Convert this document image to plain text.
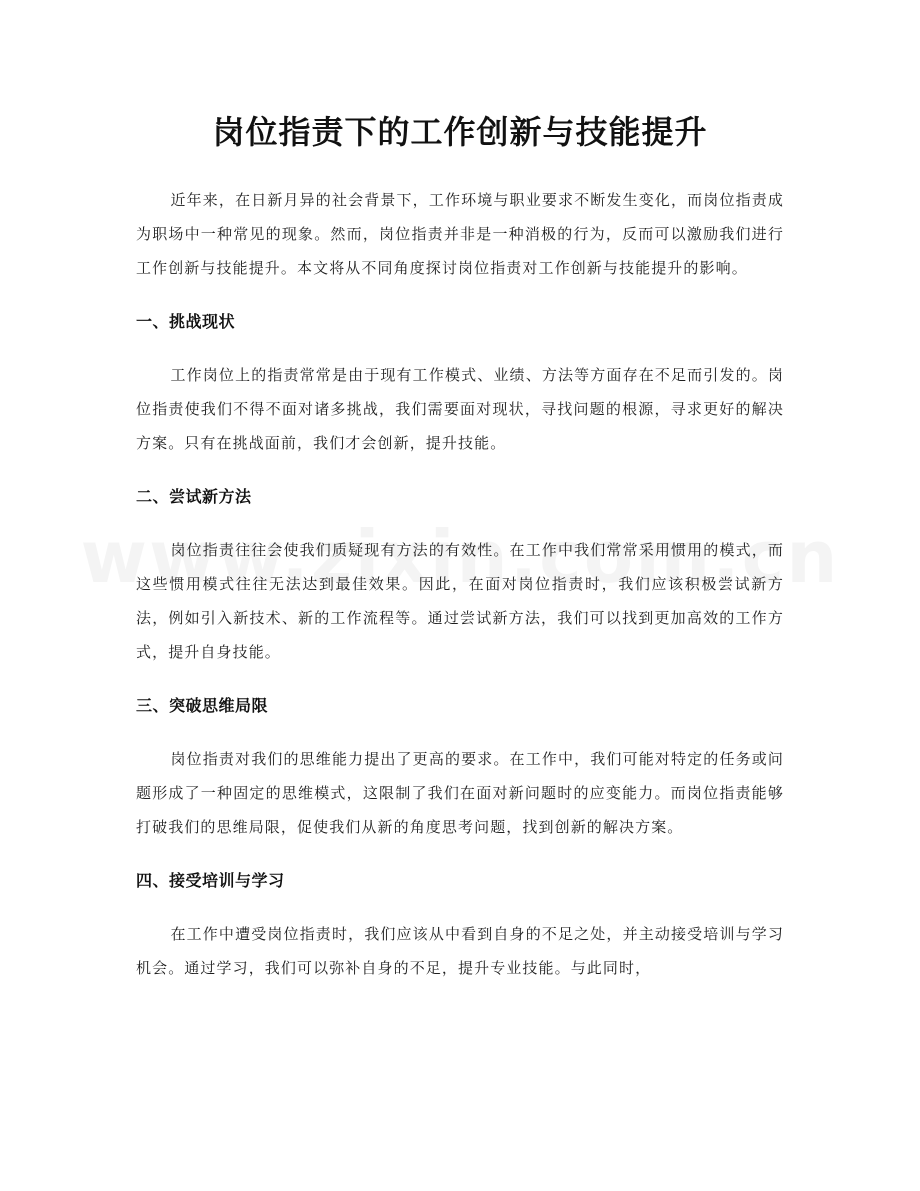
岗位指责下的工作创新与技能提升

近年来，在日新月异的社会背景下，工作环境与职业要求不断发生变化，而岗位指责成为职场中一种常见的现象。然而，岗位指责并非是一种消极的行为，反而可以激励我们进行工作创新与技能提升。本文将从不同角度探讨岗位指责对工作创新与技能提升的影响。

一、挑战现状

工作岗位上的指责常常是由于现有工作模式、业绩、方法等方面存在不足而引发的。岗位指责使我们不得不面对诸多挑战，我们需要面对现状，寻找问题的根源，寻求更好的解决方案。只有在挑战面前，我们才会创新，提升技能。

二、尝试新方法

岗位指责往往会使我们质疑现有方法的有效性。在工作中我们常常采用惯用的模式，而这些惯用模式往往无法达到最佳效果。因此，在面对岗位指责时，我们应该积极尝试新方法，例如引入新技术、新的工作流程等。通过尝试新方法，我们可以找到更加高效的工作方式，提升自身技能。

三、突破思维局限

岗位指责对我们的思维能力提出了更高的要求。在工作中，我们可能对特定的任务或问题形成了一种固定的思维模式，这限制了我们在面对新问题时的应变能力。而岗位指责能够打破我们的思维局限，促使我们从新的角度思考问题，找到创新的解决方案。

四、接受培训与学习

在工作中遭受岗位指责时，我们应该从中看到自身的不足之处，并主动接受培训与学习机会。通过学习，我们可以弥补自身的不足，提升专业技能。与此同时，
